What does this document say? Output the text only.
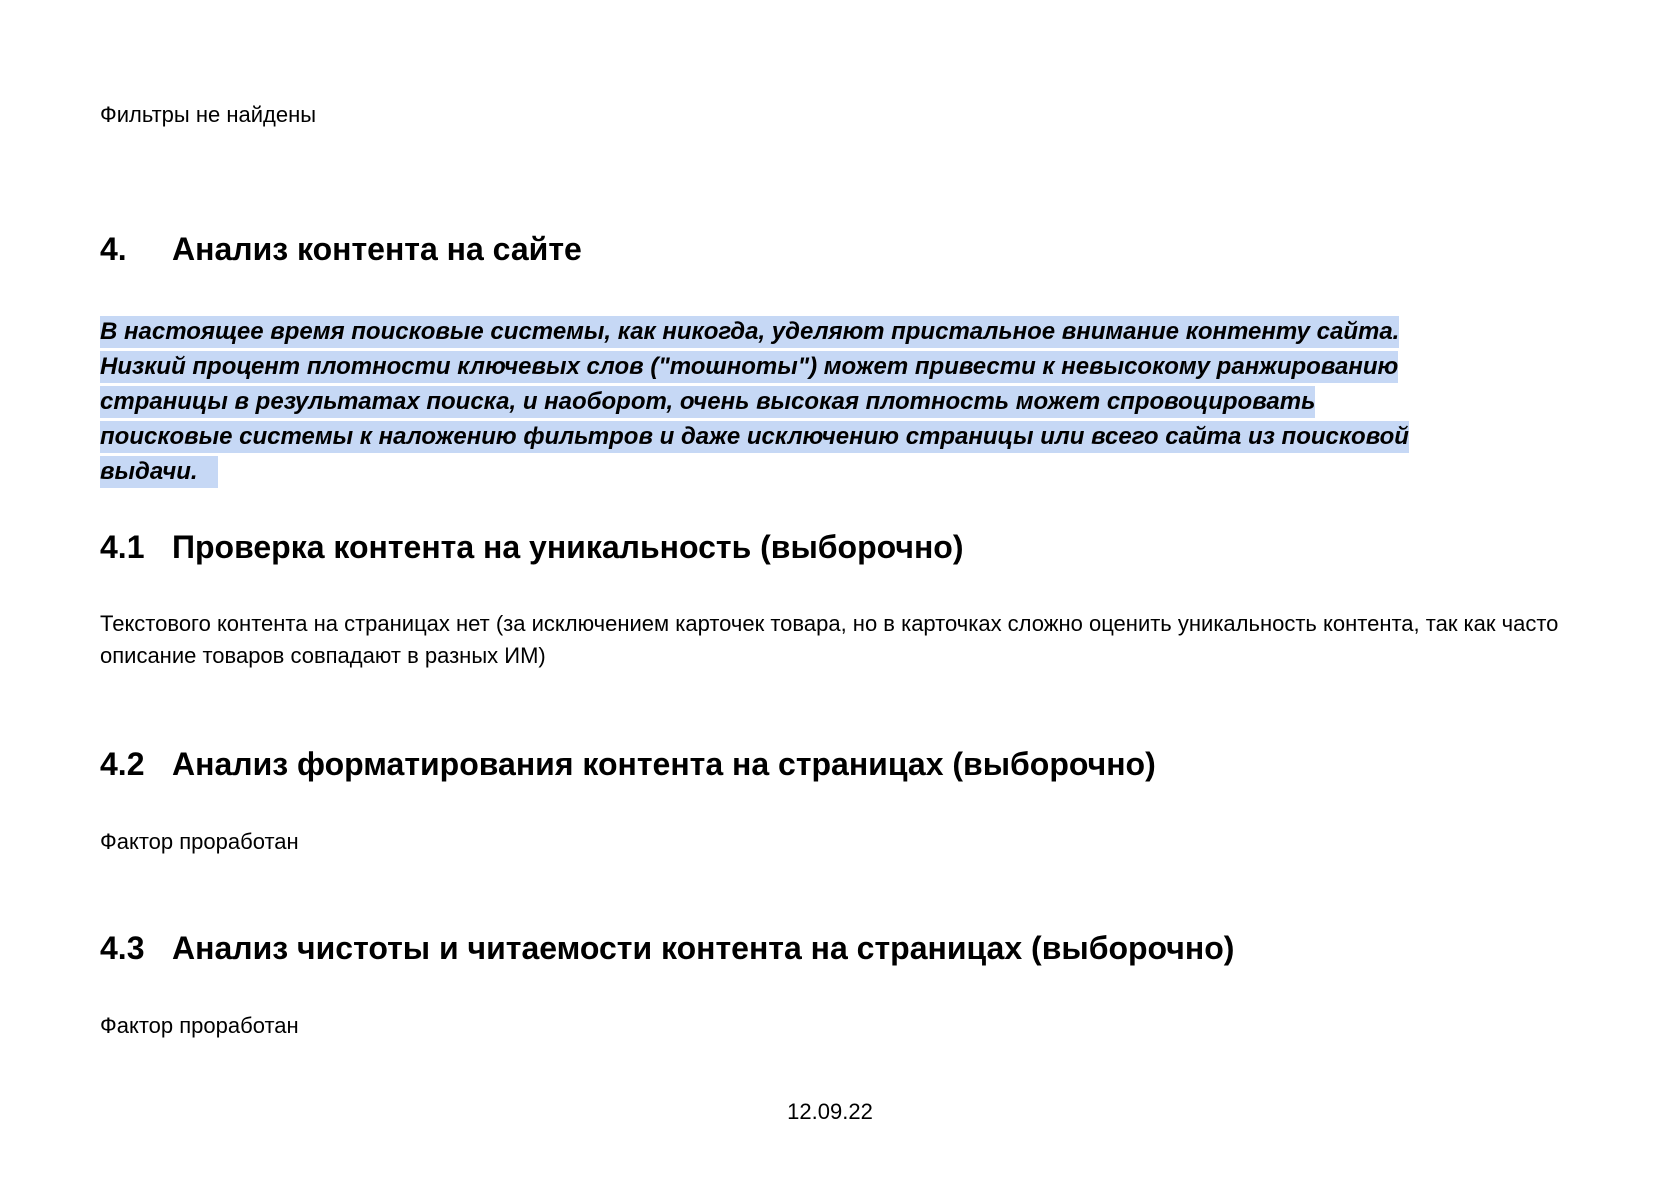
Фильтры не найдены

4.	Анализ контента на сайте
В настоящее время поисковые системы, как никогда, уделяют пристальное внимание контенту сайта.
Низкий процент плотности ключевых слов ("тошноты") может привести к невысокому ранжированию
страницы в результатах поиска, и наоборот, очень высокая плотность может спровоцировать
поисковые системы к наложению фильтров и даже исключению страницы или всего сайта из поисковой
выдачи.
4.1 Проверка контента на уникальность (выборочно)

Текстового контента на страницах нет (за исключением карточек товара, но в карточках сложно оценить уникальность контента, так как часто описание товаров совпадают в разных ИМ)

4.2 Анализ форматирования контента на страницах (выборочно)

Фактор проработан

4.3 Анализ чистоты и читаемости контента на страницах (выборочно)

Фактор проработан

12.09.22
